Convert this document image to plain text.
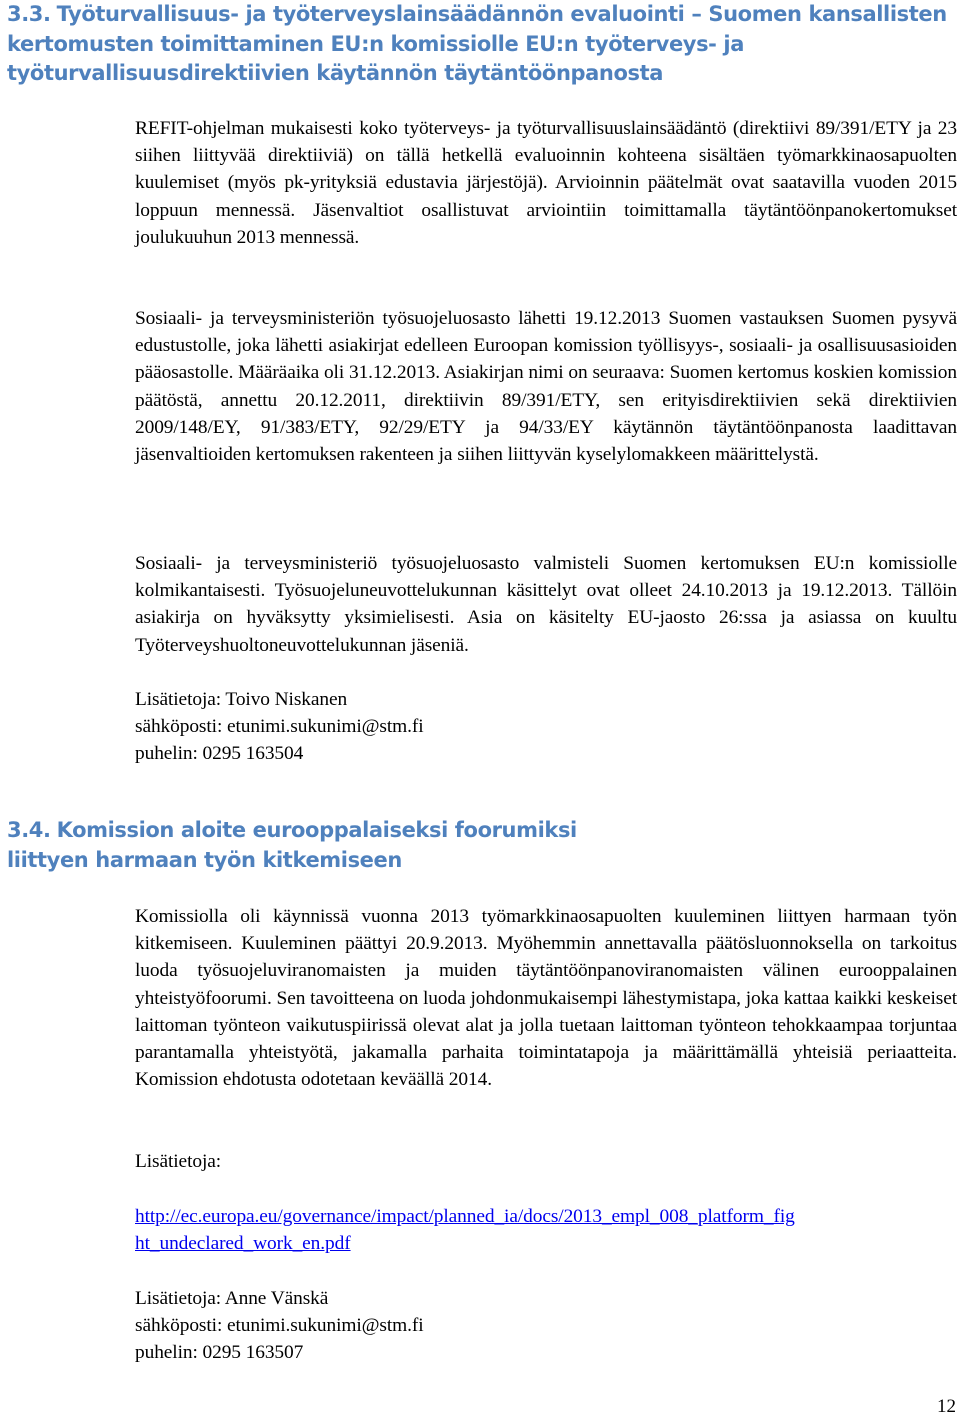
3.3. Työturvallisuus- ja työterveyslainsäädännön evaluointi – Suomen kansallisten kertomusten toimittaminen EU:n komissiolle EU:n työterveys- ja työturvallisuusdirektiivien käytännön täytäntöönpanosta

REFIT-ohjelman mukaisesti koko työterveys- ja työturvallisuuslainsäädäntö (direktiivi 89/391/ETY ja 23 siihen liittyvää direktiiviä) on tällä hetkellä evaluoinnin kohteena sisältäen työmarkkinaosapuolten kuulemiset (myös pk-yrityksiä edustavia järjestöjä). Arvioinnin päätelmät ovat saatavilla vuoden 2015 loppuun mennessä. Jäsenvaltiot osallistuvat arviointiin toimittamalla täytäntöönpanokertomukset joulukuuhun 2013 mennessä.

Sosiaali- ja terveysministeriön työsuojeluosasto lähetti 19.12.2013 Suomen vastauksen Suomen pysyvä edustustolle, joka lähetti asiakirjat edelleen Euroopan komission työllisyys-, sosiaali- ja osallisuusasioiden pääosastolle. Määräaika oli 31.12.2013. Asiakirjan nimi on seuraava: Suomen kertomus koskien komission päätöstä, annettu 20.12.2011, direktiivin 89/391/ETY, sen erityisdirektiivien sekä direktiivien 2009/148/EY, 91/383/ETY, 92/29/ETY ja 94/33/EY käytännön täytäntöönpanosta laadittavan jäsenvaltioiden kertomuksen rakenteen ja siihen liittyvän kyselylomakkeen määrittelystä.

Sosiaali- ja terveysministeriö työsuojeluosasto valmisteli Suomen kertomuksen EU:n komissiolle kolmikantaisesti. Työsuojeluneuvottelukunnan käsittelyt ovat olleet 24.10.2013 ja 19.12.2013. Tällöin asiakirja on hyväksytty yksimielisesti. Asia on käsitelty EU-jaosto 26:ssa ja asiassa on kuultu Työterveyshuoltoneuvottelukunnan jäseniä.

Lisätietoja: Toivo Niskanen
sähköposti: etunimi.sukunimi@stm.fi
puhelin: 0295 163504
3.4. Komission aloite eurooppalaiseksi foorumiksi
liittyen harmaan työn kitkemiseen

Komissiolla oli käynnissä vuonna 2013 työmarkkinaosapuolten kuuleminen liittyen harmaan työn kitkemiseen. Kuuleminen päättyi 20.9.2013. Myöhemmin annettavalla päätösluonnoksella on tarkoitus luoda työsuojeluviranomaisten ja muiden täytäntöönpanoviranomaisten välinen eurooppalainen yhteistyöfoorumi. Sen tavoitteena on luoda johdonmukaisempi lähestymistapa, joka kattaa kaikki keskeiset laittoman työnteon vaikutuspiirissä olevat alat ja jolla tuetaan laittoman työnteon tehokkaampaa torjuntaa parantamalla yhteistyötä, jakamalla parhaita toimintatapoja ja määrittämällä yhteisiä periaatteita. Komission ehdotusta odotetaan keväällä 2014.

Lisätietoja:

http://ec.europa.eu/governance/impact/planned_ia/docs/2013_empl_008_platform_fig
ht_undeclared_work_en.pdf
Lisätietoja: Anne Vänskä
sähköposti: etunimi.sukunimi@stm.fi
puhelin: 0295 163507
12
